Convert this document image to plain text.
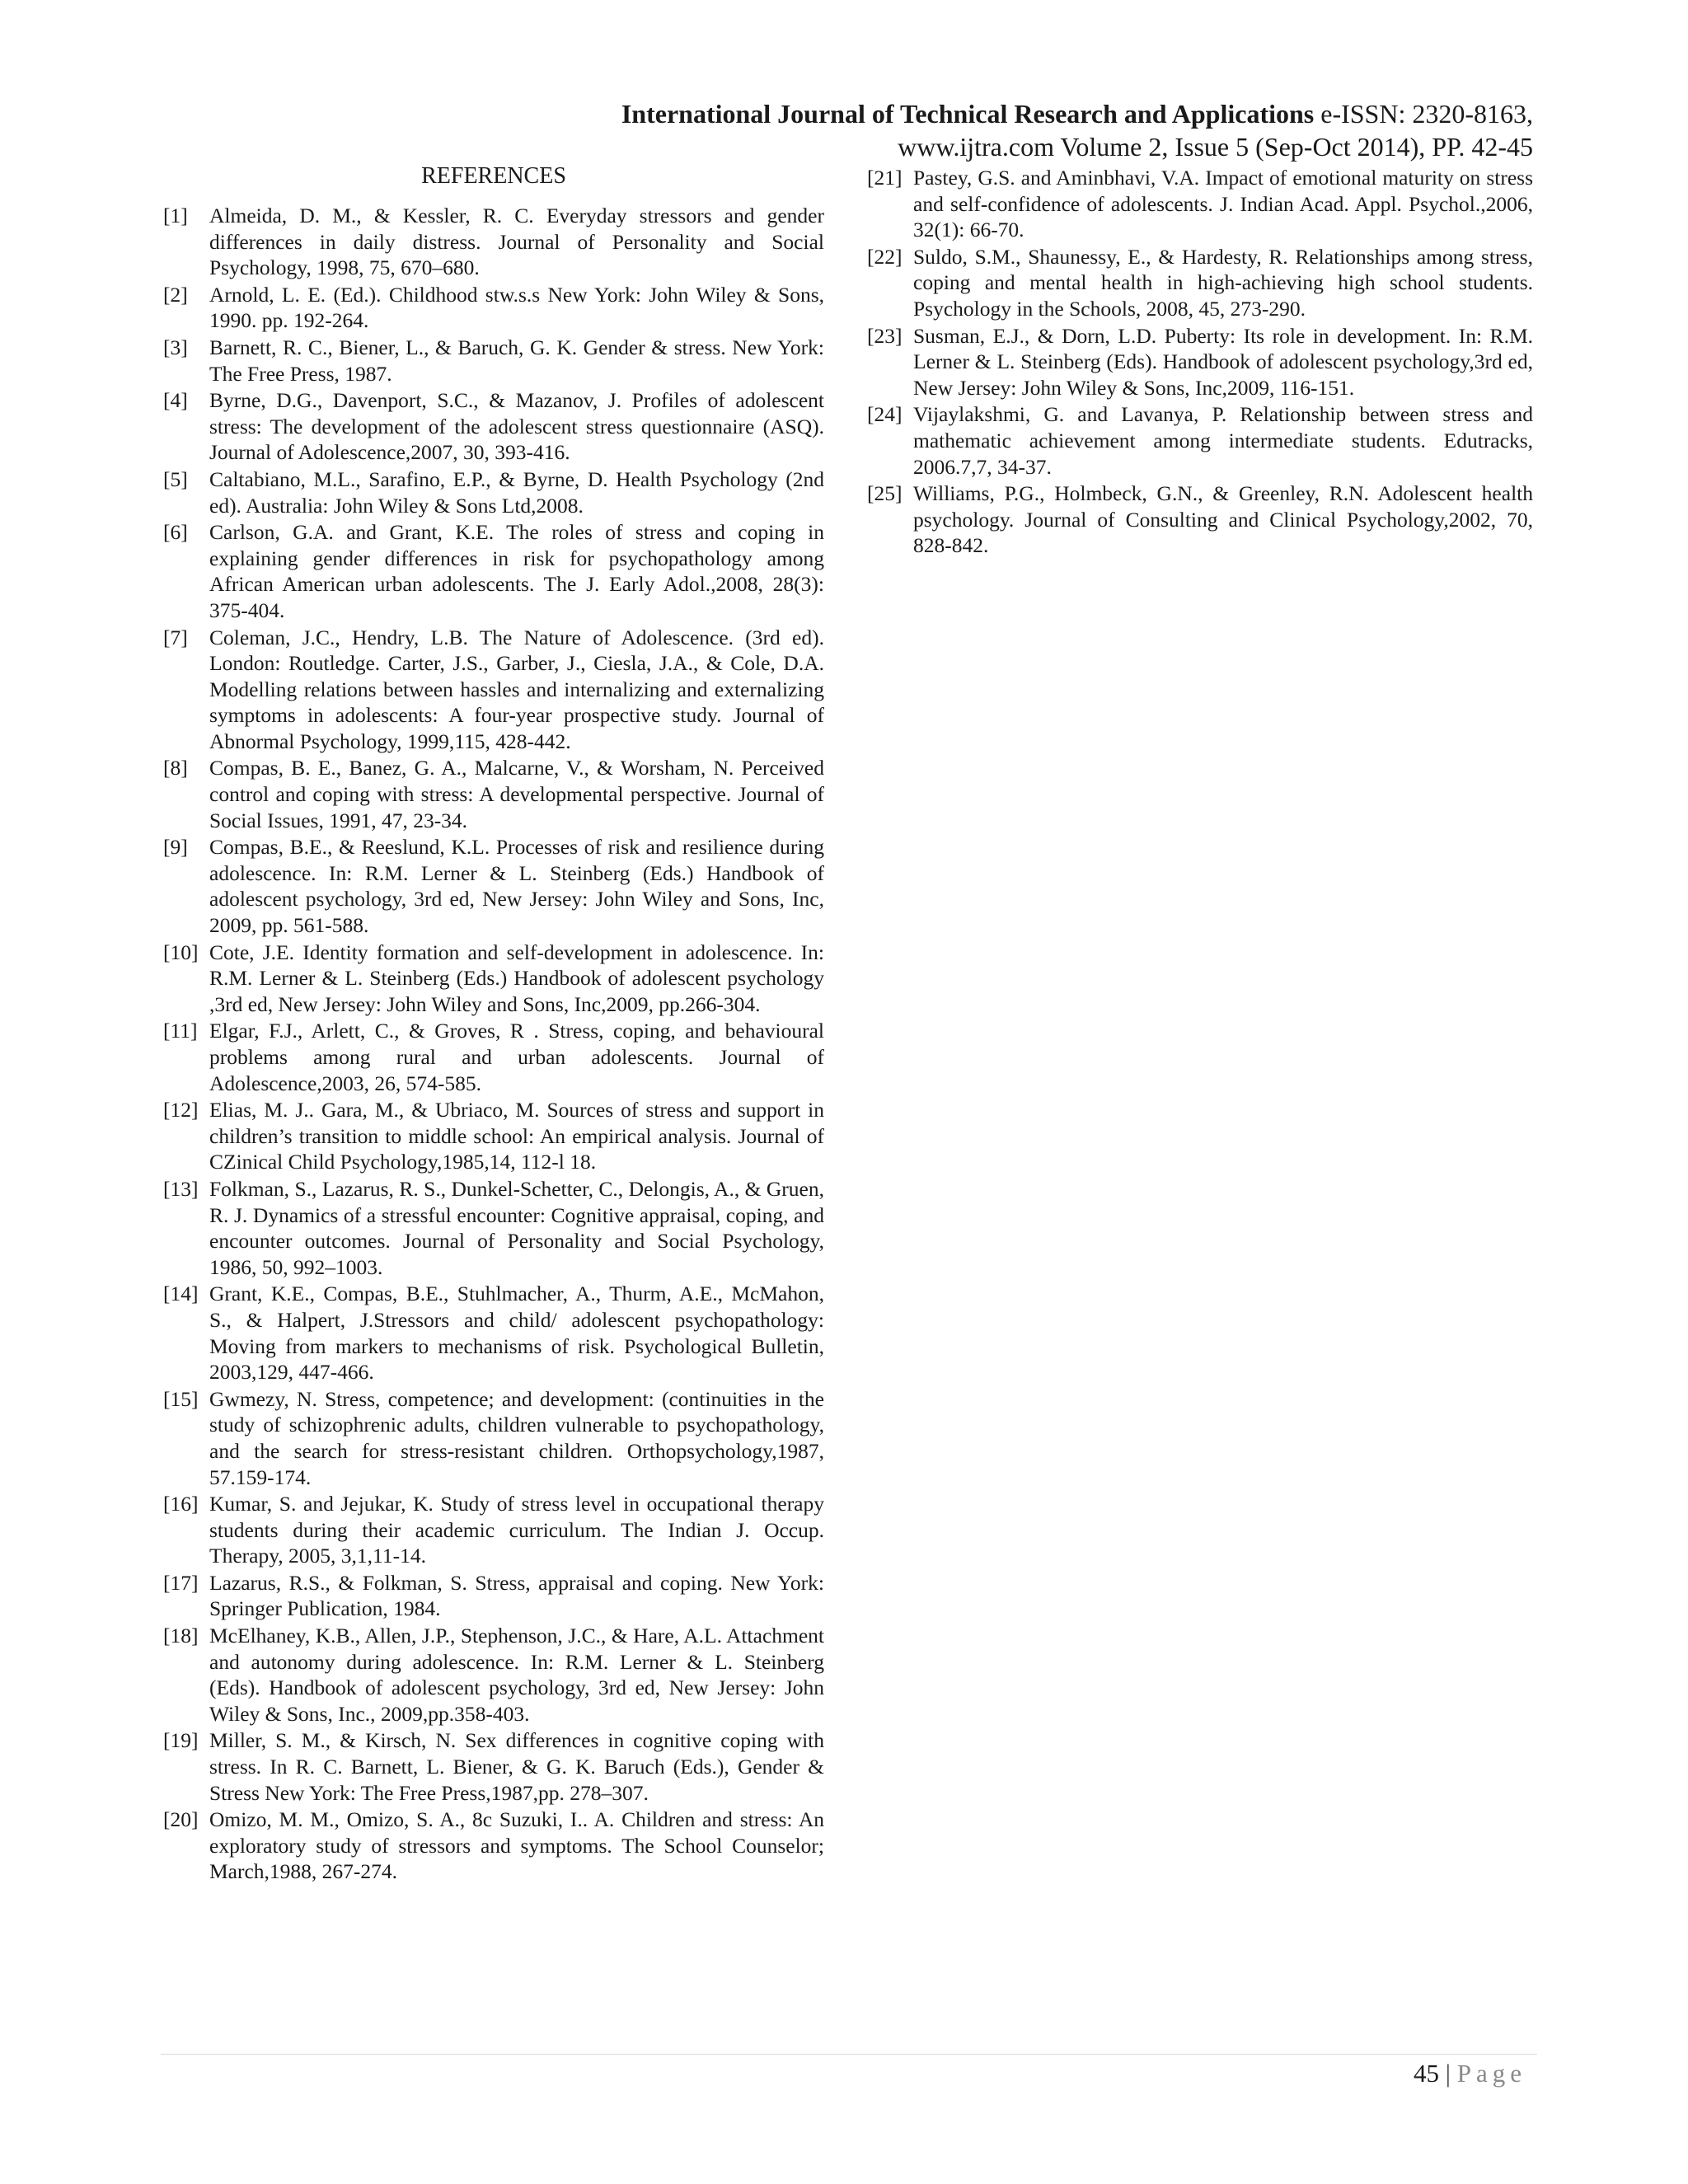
International Journal of Technical Research and Applications e-ISSN: 2320-8163,
www.ijtra.com Volume 2, Issue 5 (Sep-Oct 2014), PP. 42-45
REFERENCES
[1] Almeida, D. M., & Kessler, R. C. Everyday stressors and gender differences in daily distress. Journal of Personality and Social Psychology, 1998, 75, 670–680.
[2] Arnold, L. E. (Ed.). Childhood stw.s.s New York: John Wiley & Sons, 1990. pp. 192-264.
[3] Barnett, R. C., Biener, L., & Baruch, G. K. Gender & stress. New York: The Free Press, 1987.
[4] Byrne, D.G., Davenport, S.C., & Mazanov, J. Profiles of adolescent stress: The development of the adolescent stress questionnaire (ASQ). Journal of Adolescence,2007, 30, 393-416.
[5] Caltabiano, M.L., Sarafino, E.P., & Byrne, D. Health Psychology (2nd ed). Australia: John Wiley & Sons Ltd,2008.
[6] Carlson, G.A. and Grant, K.E. The roles of stress and coping in explaining gender differences in risk for psychopathology among African American urban adolescents. The J. Early Adol.,2008, 28(3): 375-404.
[7] Coleman, J.C., Hendry, L.B. The Nature of Adolescence. (3rd ed). London: Routledge. Carter, J.S., Garber, J., Ciesla, J.A., & Cole, D.A. Modelling relations between hassles and internalizing and externalizing symptoms in adolescents: A four-year prospective study. Journal of Abnormal Psychology, 1999,115, 428-442.
[8] Compas, B. E., Banez, G. A., Malcarne, V., & Worsham, N. Perceived control and coping with stress: A developmental perspective. Journal of Social Issues, 1991, 47, 23-34.
[9] Compas, B.E., & Reeslund, K.L. Processes of risk and resilience during adolescence. In: R.M. Lerner & L. Steinberg (Eds.) Handbook of adolescent psychology, 3rd ed, New Jersey: John Wiley and Sons, Inc, 2009, pp. 561-588.
[10] Cote, J.E. Identity formation and self-development in adolescence. In: R.M. Lerner & L. Steinberg (Eds.) Handbook of adolescent psychology ,3rd ed, New Jersey: John Wiley and Sons, Inc,2009, pp.266-304.
[11] Elgar, F.J., Arlett, C., & Groves, R . Stress, coping, and behavioural problems among rural and urban adolescents. Journal of Adolescence,2003, 26, 574-585.
[12] Elias, M. J.. Gara, M., & Ubriaco, M. Sources of stress and support in children’s transition to middle school: An empirical analysis. Journal of CZinical Child Psychology,1985,14, 112-l 18.
[13] Folkman, S., Lazarus, R. S., Dunkel-Schetter, C., Delongis, A., & Gruen, R. J. Dynamics of a stressful encounter: Cognitive appraisal, coping, and encounter outcomes. Journal of Personality and Social Psychology, 1986, 50, 992–1003.
[14] Grant, K.E., Compas, B.E., Stuhlmacher, A., Thurm, A.E., McMahon, S., & Halpert, J.Stressors and child/ adolescent psychopathology: Moving from markers to mechanisms of risk. Psychological Bulletin, 2003,129, 447-466.
[15] Gwmezy, N. Stress, competence; and development: (continuities in the study of schizophrenic adults, children vulnerable to psychopathology, and the search for stress-resistant children. Orthopsychology,1987, 57.159-174.
[16] Kumar, S. and Jejukar, K. Study of stress level in occupational therapy students during their academic curriculum. The Indian J. Occup. Therapy, 2005, 3,1,11-14.
[17] Lazarus, R.S., & Folkman, S. Stress, appraisal and coping. New York: Springer Publication, 1984.
[18] McElhaney, K.B., Allen, J.P., Stephenson, J.C., & Hare, A.L. Attachment and autonomy during adolescence. In: R.M. Lerner & L. Steinberg (Eds). Handbook of adolescent psychology, 3rd ed, New Jersey: John Wiley & Sons, Inc., 2009,pp.358-403.
[19] Miller, S. M., & Kirsch, N. Sex differences in cognitive coping with stress. In R. C. Barnett, L. Biener, & G. K. Baruch (Eds.), Gender & Stress New York: The Free Press,1987,pp. 278–307.
[20] Omizo, M. M., Omizo, S. A., 8c Suzuki, I.. A. Children and stress: An exploratory study of stressors and symptoms. The School Counselor; March,1988, 267-274.
[21] Pastey, G.S. and Aminbhavi, V.A. Impact of emotional maturity on stress and self-confidence of adolescents. J. Indian Acad. Appl. Psychol.,2006, 32(1): 66-70.
[22] Suldo, S.M., Shaunessy, E., & Hardesty, R. Relationships among stress, coping and mental health in high-achieving high school students. Psychology in the Schools, 2008, 45, 273-290.
[23] Susman, E.J., & Dorn, L.D. Puberty: Its role in development. In: R.M. Lerner & L. Steinberg (Eds). Handbook of adolescent psychology,3rd ed, New Jersey: John Wiley & Sons, Inc,2009, 116-151.
[24] Vijaylakshmi, G. and Lavanya, P. Relationship between stress and mathematic achievement among intermediate students. Edutracks, 2006.7,7, 34-37.
[25] Williams, P.G., Holmbeck, G.N., & Greenley, R.N. Adolescent health psychology. Journal of Consulting and Clinical Psychology,2002, 70, 828-842.
45 | Page
